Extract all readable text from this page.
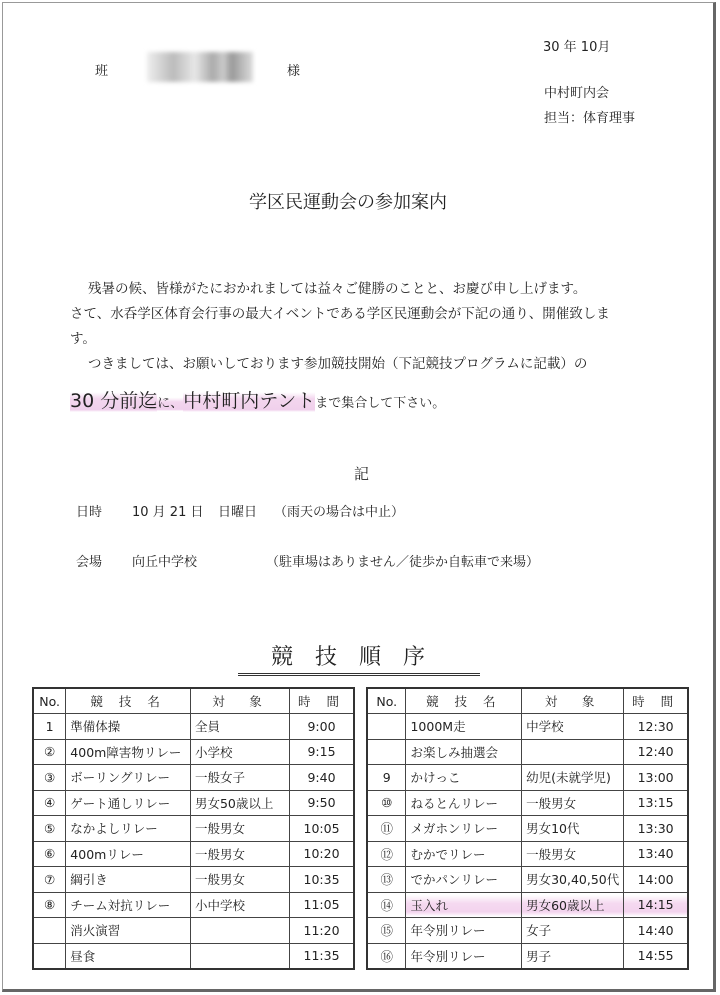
30 年 10月
班	様
中村町内会
担当：体育理事
学区民運動会の参加案内
残暑の候、皆様がたにおかれましては益々ご健勝のことと、お慶び申し上げます。
さて、水呑学区体育会行事の最大イベントである学区民運動会が下記の通り、開催致しま
す。
つきましては、お願いしております参加競技開始（下記競技プログラムに記載）の
30 分前迄に、中村町内テントまで集合して下さい。
記
日時 10 月 21 日 日曜日 （雨天の場合は中止）
会場 向丘中学校	（駐車場はありません／徒歩か自転車で来場）
競技順序
No.	競 技 名	対　象	時 間
1	準備体操	全員	9:00
②	400m障害物リレー	小学校	9:15
③	ボーリングリレー	一般女子	9:40
④	ゲート通しリレー	男女50歳以上	9:50
⑤	なかよしリレー	一般男女	10:05
⑥	400mリレー	一般男女	10:20
⑦	綱引き	一般男女	10:35
⑧	チーム対抗リレー	小中学校	11:05
	消火演習		11:20
	昼食		11:35
No.	競 技 名	対　象	時 間
	1000M走	中学校	12:30
	お楽しみ抽選会		12:40
9	かけっこ	幼児(未就学児)	13:00
⑩	ねるとんリレー	一般男女	13:15
⑪	メガホンリレー	男女10代	13:30
⑫	むかでリレー	一般男女	13:40
⑬	でかパンリレー	男女30,40,50代	14:00
⑭	玉入れ	男女60歳以上	14:15
⑮	年令別リレー	女子	14:40
⑯	年令別リレー	男子	14:55
